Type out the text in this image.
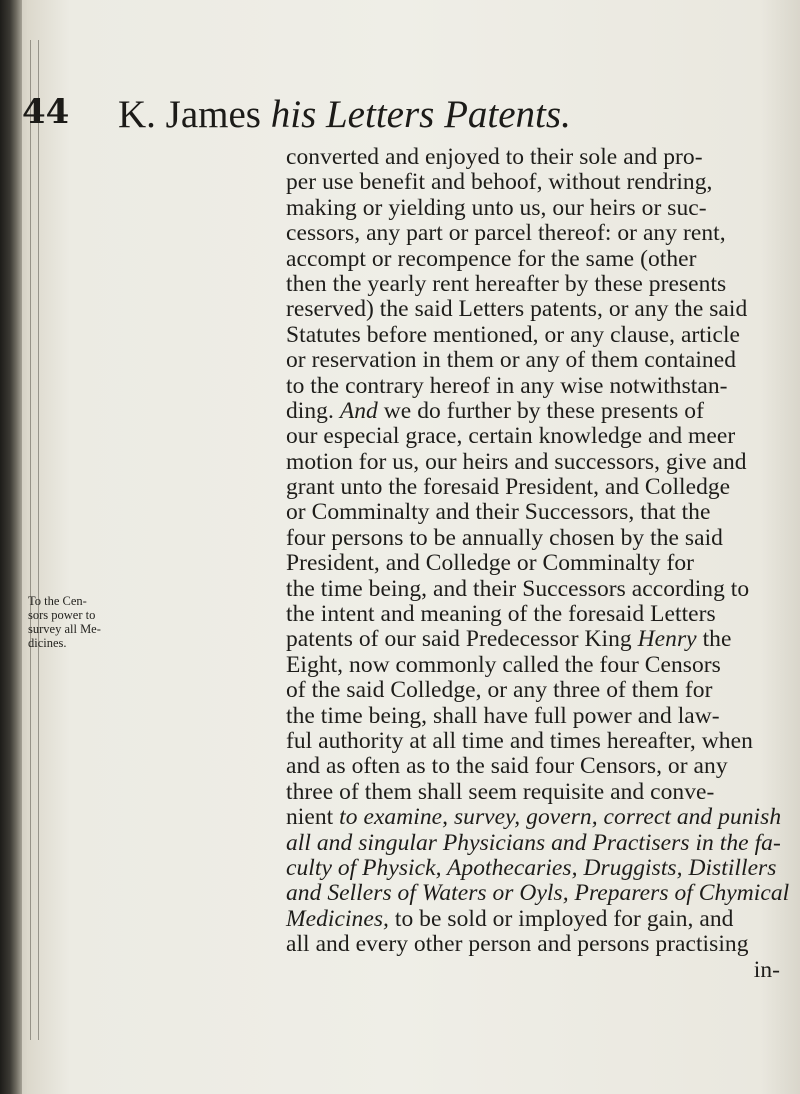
44 K. James his Letters Patents.
To the Cen-
sors power to
survey all Me-
dicines.
converted and enjoyed to their sole and pro-
per use benefit and behoof, without rendring,
making or yielding unto us, our heirs or suc-
cessors, any part or parcel thereof: or any rent,
accompt or recompence for the same (other
then the yearly rent hereafter by these presents
reserved) the said Letters patents, or any the said
Statutes before mentioned, or any clause, article
or reservation in them or any of them contained
to the contrary hereof in any wise notwithstan-
ding. And we do further by these presents of
our especial grace, certain knowledge and meer
motion for us, our heirs and successors, give and
grant unto the foresaid President, and Colledge
or Comminalty and their Successors, that the
four persons to be annually chosen by the said
President, and Colledge or Comminalty for
the time being, and their Successors according to
the intent and meaning of the foresaid Letters
patents of our said Predecessor King Henry the
Eight, now commonly called the four Censors
of the said Colledge, or any three of them for
the time being, shall have full power and law-
ful authority at all time and times hereafter, when
and as often as to the said four Censors, or any
three of them shall seem requisite and conve-
nient to examine, survey, govern, correct and punish
all and singular Physicians and Practisers in the fa-
culty of Physick, Apothecaries, Druggists, Distillers
and Sellers of Waters or Oyls, Preparers of Chymical
Medicines, to be sold or imployed for gain, and
all and every other person and persons practising
in-
